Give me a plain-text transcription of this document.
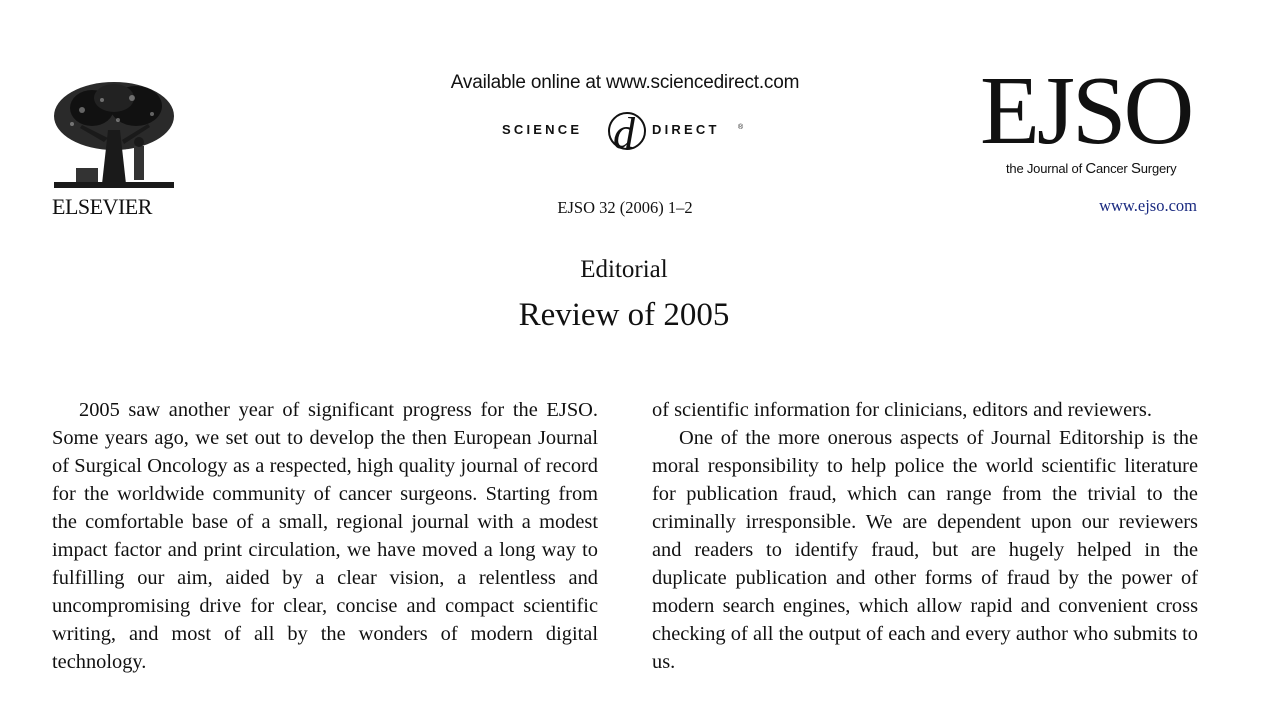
ELSEVIER
Available online at www.sciencedirect.com
SCIENCE d DIRECT	®
EJSO 32 (2006) 1–2
EJSO
the Journal of Cancer Surgery
www.ejso.com
Editorial
Review of 2005

2005 saw another year of significant progress for the EJSO. Some years ago, we set out to develop the then European Journal of Surgical Oncology as a respected, high quality journal of record for the worldwide community of cancer surgeons. Starting from the comfortable base of a small, regional journal with a modest impact factor and print circulation, we have moved a long way to fulfilling our aim, aided by a clear vision, a relentless and uncompromising drive for clear, concise and compact scientific writing, and most of all by the wonders of modern digital technology.

of scientific information for clinicians, editors and reviewers.

One of the more onerous aspects of Journal Editorship is the moral responsibility to help police the world scientific literature for publication fraud, which can range from the trivial to the criminally irresponsible. We are dependent upon our reviewers and readers to identify fraud, but are hugely helped in the duplicate publication and other forms of fraud by the power of modern search engines, which allow rapid and convenient cross checking of all the output of each and every author who submits to us.
